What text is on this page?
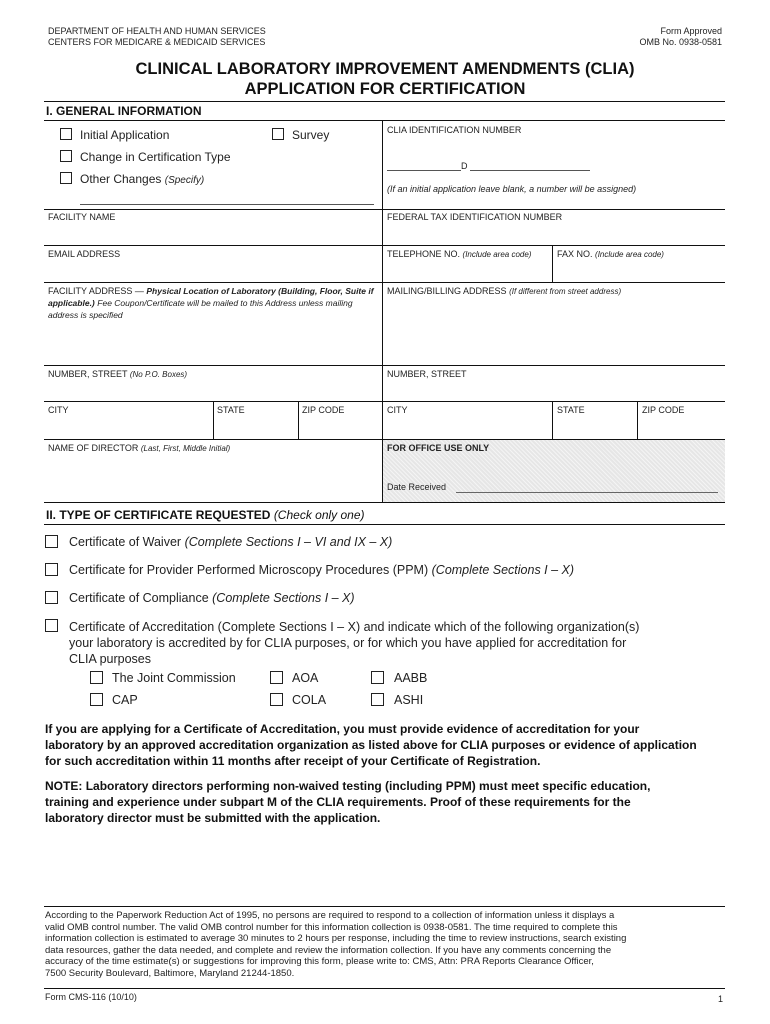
DEPARTMENT OF HEALTH AND HUMAN SERVICES
CENTERS FOR MEDICARE & MEDICAID SERVICES
Form Approved
OMB No. 0938-0581
CLINICAL LABORATORY IMPROVEMENT AMENDMENTS (CLIA)
APPLICATION FOR CERTIFICATION
I. GENERAL INFORMATION
Initial Application	Survey
Change in Certification Type
Other Changes (Specify)
CLIA IDENTIFICATION NUMBER
D
(If an initial application leave blank, a number will be assigned)
FACILITY NAME	FEDERAL TAX IDENTIFICATION NUMBER
EMAIL ADDRESS	TELEPHONE NO. (Include area code)	FAX NO. (Include area code)
FACILITY ADDRESS — Physical Location of Laboratory (Building, Floor, Suite if applicable.) Fee Coupon/Certificate will be mailed to this Address unless mailing address is specified
MAILING/BILLING ADDRESS (If different from street address)
NUMBER, STREET (No P.O. Boxes)	NUMBER, STREET
CITY	STATE	ZIP CODE	CITY	STATE	ZIP CODE
NAME OF DIRECTOR (Last, First, Middle Initial)	FOR OFFICE USE ONLY
Date Received
II. TYPE OF CERTIFICATE REQUESTED (Check only one)
Certificate of Waiver (Complete Sections I – VI and IX – X)
Certificate for Provider Performed Microscopy Procedures (PPM) (Complete Sections I – X)
Certificate of Compliance (Complete Sections I – X)
Certificate of Accreditation (Complete Sections I – X) and indicate which of the following organization(s)
your laboratory is accredited by for CLIA purposes, or for which you have applied for accreditation for
CLIA purposes
The Joint Commission	AOA	AABB
CAP	COLA	ASHI
If you are applying for a Certificate of Accreditation, you must provide evidence of accreditation for your
laboratory by an approved accreditation organization as listed above for CLIA purposes or evidence of application
for such accreditation within 11 months after receipt of your Certificate of Registration.
NOTE: Laboratory directors performing non-waived testing (including PPM) must meet specific education,
training and experience under subpart M of the CLIA requirements. Proof of these requirements for the
laboratory director must be submitted with the application.
According to the Paperwork Reduction Act of 1995, no persons are required to respond to a collection of information unless it displays a
valid OMB control number. The valid OMB control number for this information collection is 0938-0581. The time required to complete this
information collection is estimated to average 30 minutes to 2 hours per response, including the time to review instructions, search existing
data resources, gather the data needed, and complete and review the information collection. If you have any comments concerning the
accuracy of the time estimate(s) or suggestions for improving this form, please write to: CMS, Attn: PRA Reports Clearance Officer,
7500 Security Boulevard, Baltimore, Maryland 21244-1850.
Form CMS-116 (10/10)	1
